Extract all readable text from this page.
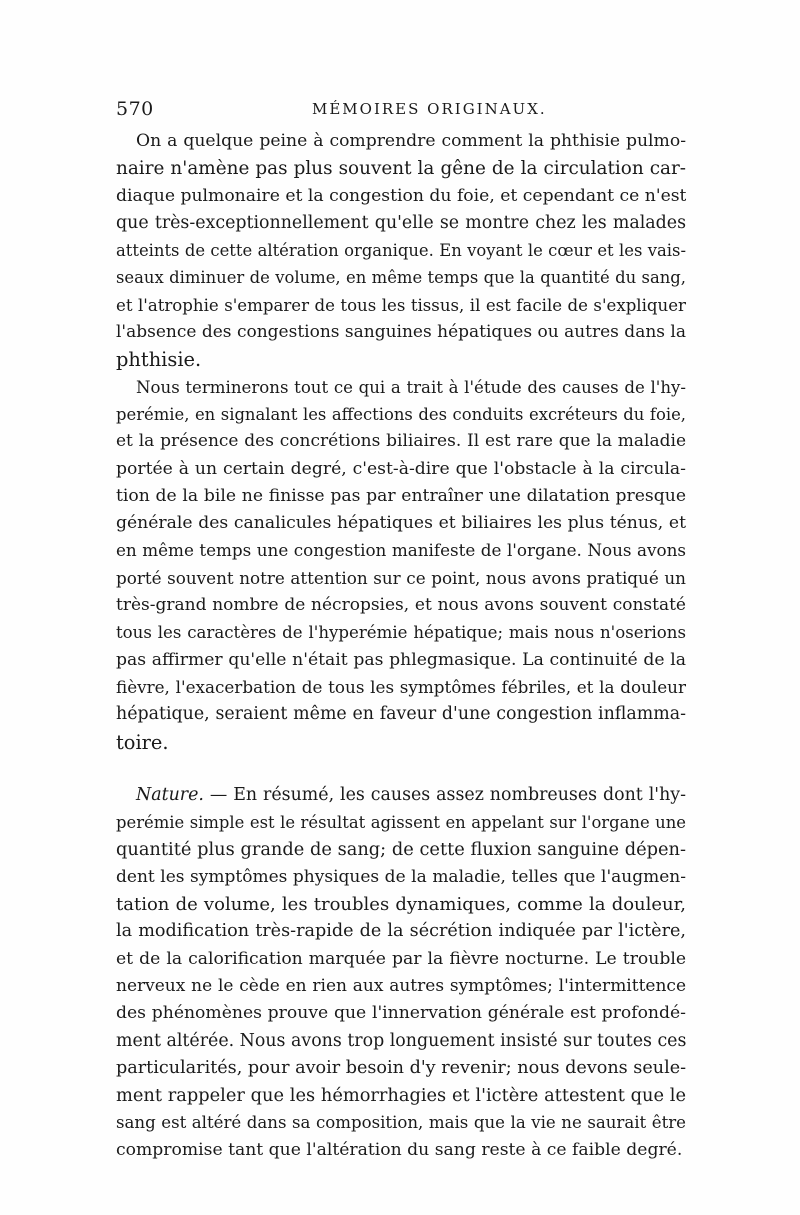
570	MÉMOIRES ORIGINAUX.
On a quelque peine à comprendre comment la phthisie pulmo-
naire n'amène pas plus souvent la gêne de la circulation car-
diaque pulmonaire et la congestion du foie, et cependant ce n'est
que très-exceptionnellement qu'elle se montre chez les malades
atteints de cette altération organique. En voyant le cœur et les vais-
seaux diminuer de volume, en même temps que la quantité du sang,
et l'atrophie s'emparer de tous les tissus, il est facile de s'expliquer
l'absence des congestions sanguines hépatiques ou autres dans la
phthisie.
Nous terminerons tout ce qui a trait à l'étude des causes de l'hy-
perémie, en signalant les affections des conduits excréteurs du foie,
et la présence des concrétions biliaires. Il est rare que la maladie
portée à un certain degré, c'est-à-dire que l'obstacle à la circula-
tion de la bile ne finisse pas par entraîner une dilatation presque
générale des canalicules hépatiques et biliaires les plus ténus, et
en même temps une congestion manifeste de l'organe. Nous avons
porté souvent notre attention sur ce point, nous avons pratiqué un
très-grand nombre de nécropsies, et nous avons souvent constaté
tous les caractères de l'hyperémie hépatique; mais nous n'oserions
pas affirmer qu'elle n'était pas phlegmasique. La continuité de la
fièvre, l'exacerbation de tous les symptômes fébriles, et la douleur
hépatique, seraient même en faveur d'une congestion inflamma-
toire.
Nature. — En résumé, les causes assez nombreuses dont l'hy-
perémie simple est le résultat agissent en appelant sur l'organe une
quantité plus grande de sang; de cette fluxion sanguine dépen-
dent les symptômes physiques de la maladie, telles que l'augmen-
tation de volume, les troubles dynamiques, comme la douleur,
la modification très-rapide de la sécrétion indiquée par l'ictère,
et de la calorification marquée par la fièvre nocturne. Le trouble
nerveux ne le cède en rien aux autres symptômes; l'intermittence
des phénomènes prouve que l'innervation générale est profondé-
ment altérée. Nous avons trop longuement insisté sur toutes ces
particularités, pour avoir besoin d'y revenir; nous devons seule-
ment rappeler que les hémorrhagies et l'ictère attestent que le
sang est altéré dans sa composition, mais que la vie ne saurait être
compromise tant que l'altération du sang reste à ce faible degré.
